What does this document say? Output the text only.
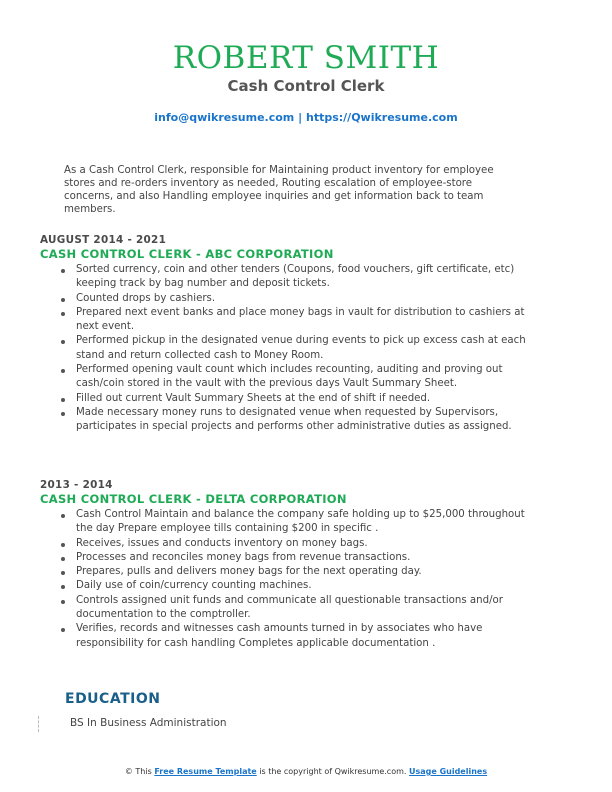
ROBERT SMITH
Cash Control Clerk
info@qwikresume.com | https://Qwikresume.com
As a Cash Control Clerk, responsible for Maintaining product inventory for employee stores and re-orders inventory as needed, Routing escalation of employee-store concerns, and also Handling employee inquiries and get information back to team members.
AUGUST 2014 - 2021
CASH CONTROL CLERK - ABC CORPORATION
Sorted currency, coin and other tenders (Coupons, food vouchers, gift certificate, etc) keeping track by bag number and deposit tickets.
Counted drops by cashiers.
Prepared next event banks and place money bags in vault for distribution to cashiers at next event.
Performed pickup in the designated venue during events to pick up excess cash at each stand and return collected cash to Money Room.
Performed opening vault count which includes recounting, auditing and proving out cash/coin stored in the vault with the previous days Vault Summary Sheet.
Filled out current Vault Summary Sheets at the end of shift if needed.
Made necessary money runs to designated venue when requested by Supervisors, participates in special projects and performs other administrative duties as assigned.
2013 - 2014
CASH CONTROL CLERK - DELTA CORPORATION
Cash Control Maintain and balance the company safe holding up to $25,000 throughout the day Prepare employee tills containing $200 in specific .
Receives, issues and conducts inventory on money bags.
Processes and reconciles money bags from revenue transactions.
Prepares, pulls and delivers money bags for the next operating day.
Daily use of coin/currency counting machines.
Controls assigned unit funds and communicate all questionable transactions and/or documentation to the comptroller.
Verifies, records and witnesses cash amounts turned in by associates who have responsibility for cash handling Completes applicable documentation .
EDUCATION
BS In Business Administration
© This Free Resume Template is the copyright of Qwikresume.com. Usage Guidelines
